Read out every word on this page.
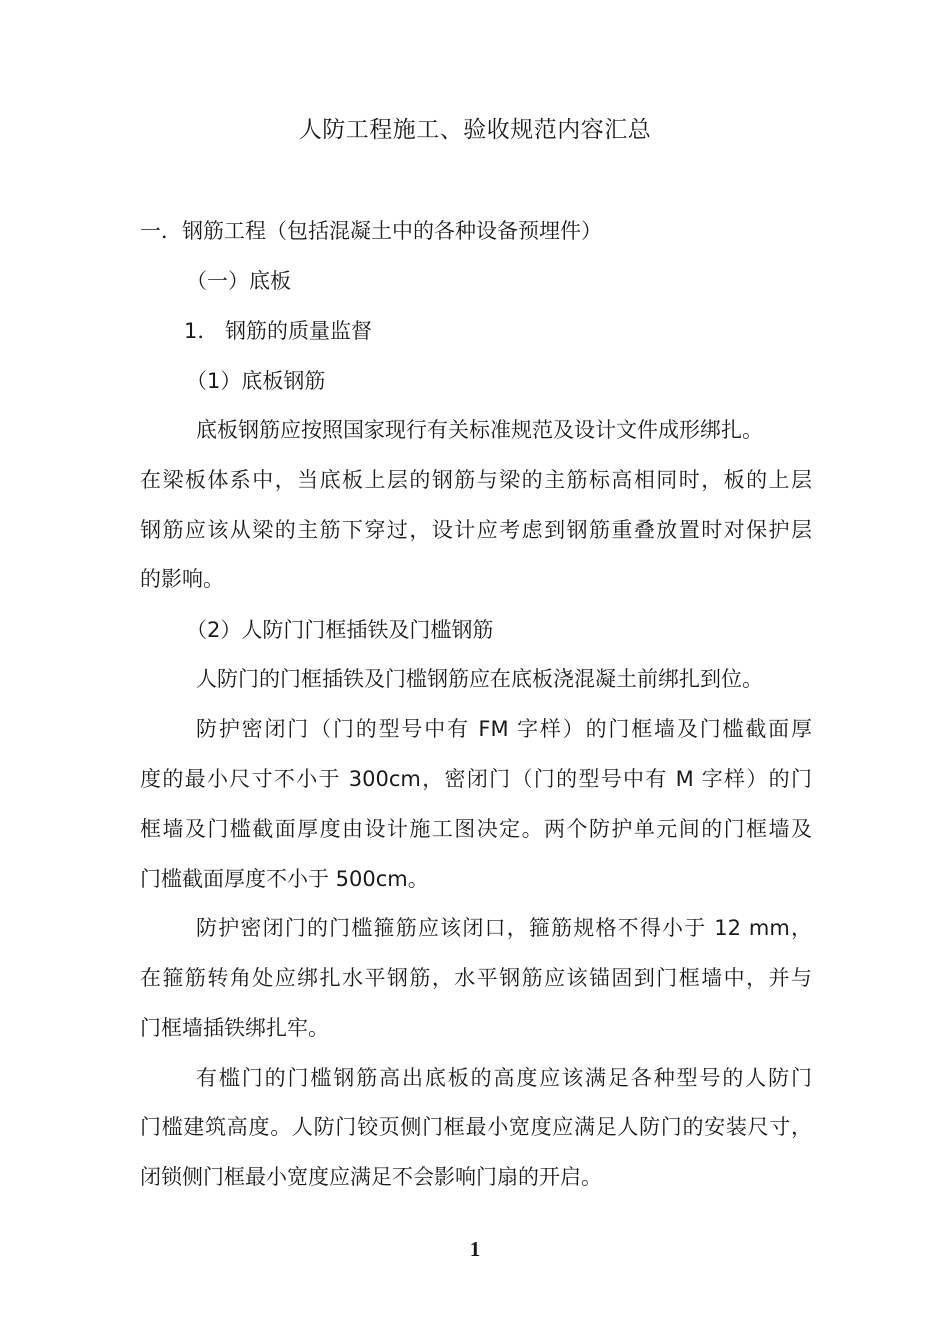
人防工程施工、验收规范内容汇总
一．钢筋工程（包括混凝土中的各种设备预埋件）
（一）底板
1． 钢筋的质量监督
（1）底板钢筋
底板钢筋应按照国家现行有关标准规范及设计文件成形绑扎。
在梁板体系中，当底板上层的钢筋与梁的主筋标高相同时，板的上层
钢筋应该从梁的主筋下穿过，设计应考虑到钢筋重叠放置时对保护层
的影响。
（2）人防门门框插铁及门槛钢筋
人防门的门框插铁及门槛钢筋应在底板浇混凝土前绑扎到位。
防护密闭门（门的型号中有 FM 字样）的门框墙及门槛截面厚
度的最小尺寸不小于 300cm，密闭门（门的型号中有 M 字样）的门
框墙及门槛截面厚度由设计施工图决定。两个防护单元间的门框墙及
门槛截面厚度不小于 500cm。
防护密闭门的门槛箍筋应该闭口，箍筋规格不得小于 12 mm，
在箍筋转角处应绑扎水平钢筋，水平钢筋应该锚固到门框墙中，并与
门框墙插铁绑扎牢。
有槛门的门槛钢筋高出底板的高度应该满足各种型号的人防门
门槛建筑高度。人防门铰页侧门框最小宽度应满足人防门的安装尺寸，
闭锁侧门框最小宽度应满足不会影响门扇的开启。
1
